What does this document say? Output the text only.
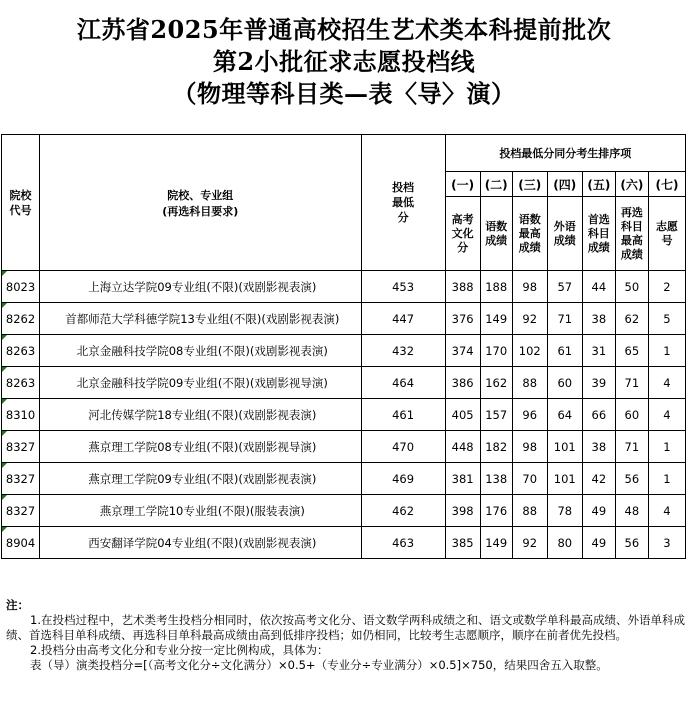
江苏省2025年普通高校招生艺术类本科提前批次
第2小批征求志愿投档线
（物理等科目类—表〈导〉演）
院校代号	院校、专业组
(再选科目要求)	投档最低分	投档最低分同分考生排序项						
			(一)	(二)	(三)	(四)	(五)	(六)	(七)
			高考文化分	语数成绩	语数最高成绩	外语成绩	首选科目成绩	再选科目最高成绩	志愿号

8023	上海立达学院09专业组(不限)(戏剧影视表演)	453	388	188	98	57	44	50	2

8262	首都师范大学科德学院13专业组(不限)(戏剧影视表演)	447	376	149	92	71	38	62	5

8263	北京金融科技学院08专业组(不限)(戏剧影视表演)	432	374	170	102	61	31	65	1

8263	北京金融科技学院09专业组(不限)(戏剧影视导演)	464	386	162	88	60	39	71	4

8310	河北传媒学院18专业组(不限)(戏剧影视表演)	461	405	157	96	64	66	60	4

8327	燕京理工学院08专业组(不限)(戏剧影视导演)	470	448	182	98	101	38	71	1

8327	燕京理工学院09专业组(不限)(戏剧影视表演)	469	381	138	70	101	42	56	1

8327	燕京理工学院10专业组(不限)(服装表演)	462	398	176	88	78	49	48	4

8904	西安翻译学院04专业组(不限)(戏剧影视表演)	463	385	149	92	80	49	56	3

注：

1.在投档过程中，艺术类考生投档分相同时，依次按高考文化分、语文数学两科成绩之和、语文或数学单科最高成绩、外语单科成绩、首选科目单科成绩、再选科目单科最高成绩由高到低排序投档；如仍相同，比较考生志愿顺序，顺序在前者优先投档。

2.投档分由高考文化分和专业分按一定比例构成，具体为：

表（导）演类投档分=[（高考文化分÷文化满分）×0.5+（专业分÷专业满分）×0.5]×750，结果四舍五入取整。
